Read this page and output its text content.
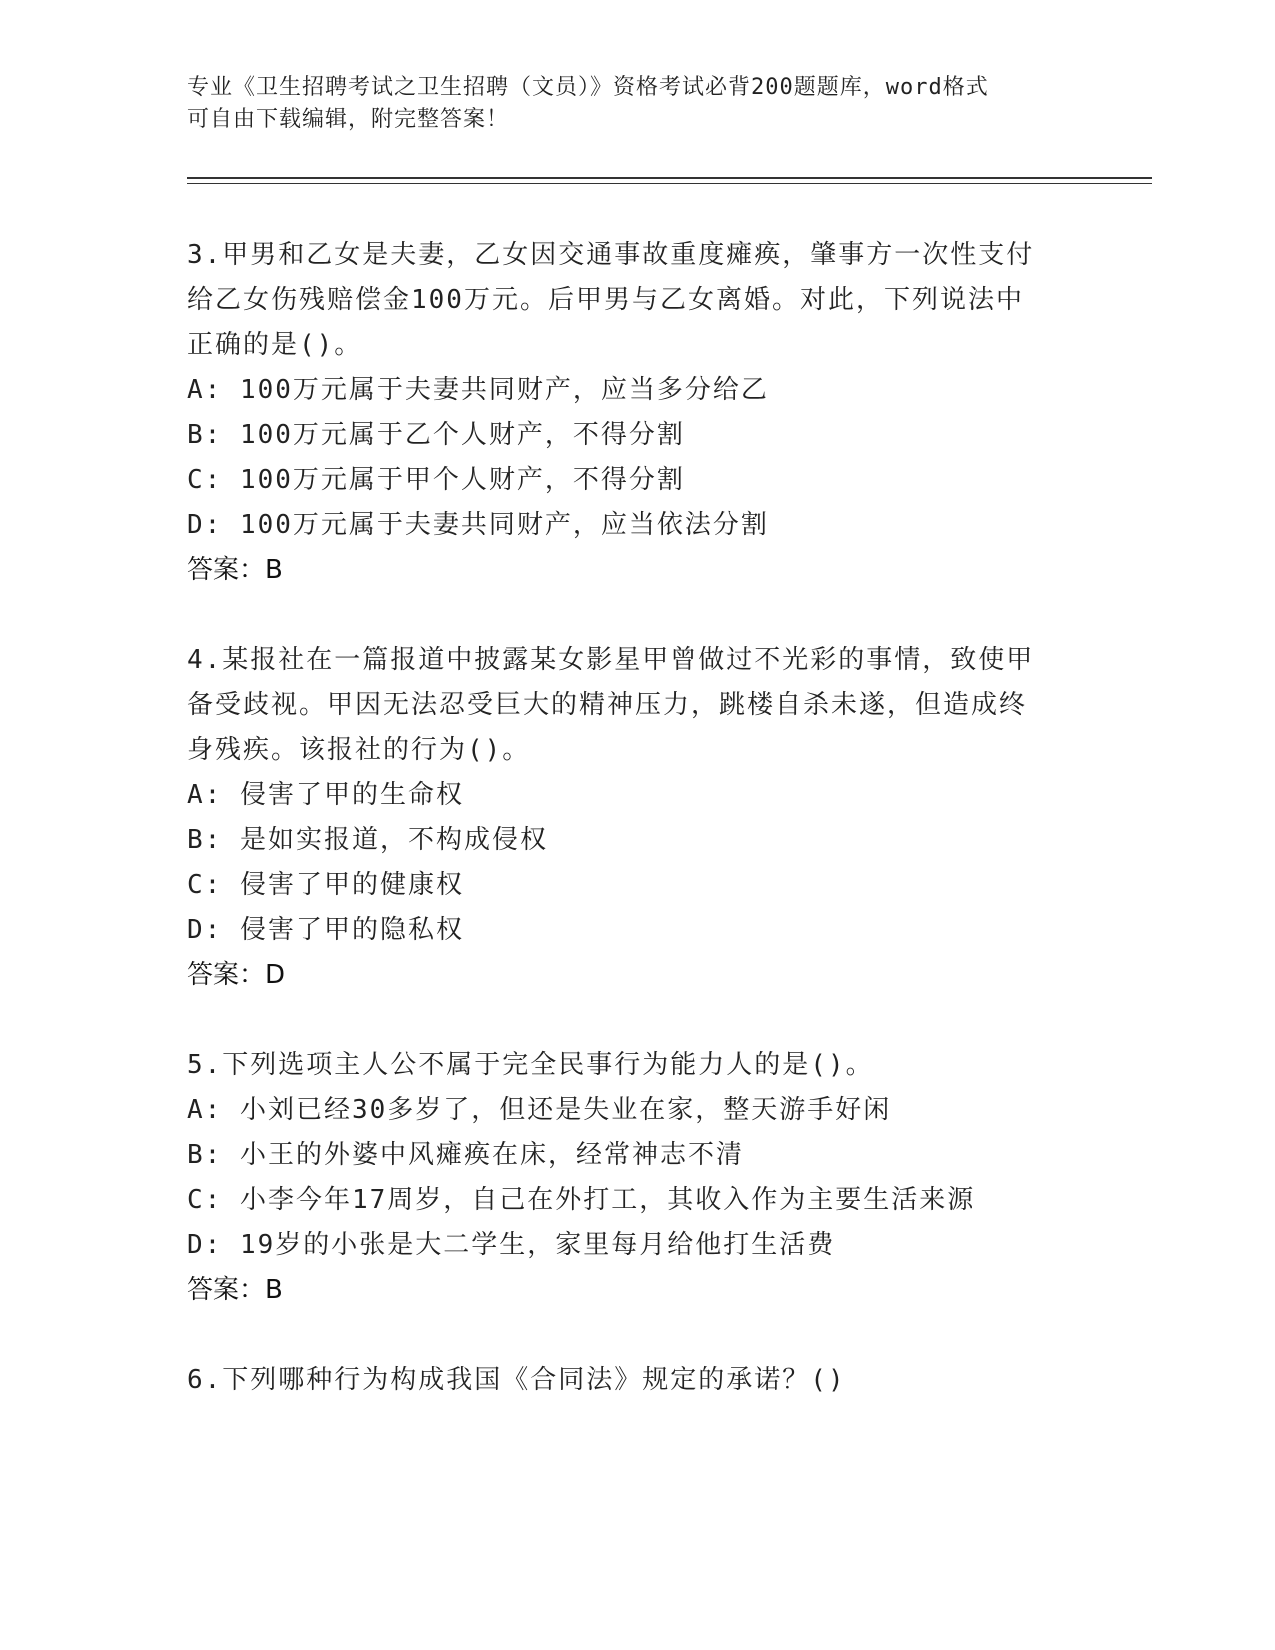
专业《卫生招聘考试之卫生招聘（文员）》资格考试必背200题题库，word格式
可自由下载编辑，附完整答案！
3.甲男和乙女是夫妻，乙女因交通事故重度瘫痪，肇事方一次性支付
给乙女伤残赔偿金100万元。后甲男与乙女离婚。对此，下列说法中
正确的是()。
A: 100万元属于夫妻共同财产，应当多分给乙
B: 100万元属于乙个人财产，不得分割
C: 100万元属于甲个人财产，不得分割
D: 100万元属于夫妻共同财产，应当依法分割
答案：B
4.某报社在一篇报道中披露某女影星甲曾做过不光彩的事情，致使甲
备受歧视。甲因无法忍受巨大的精神压力，跳楼自杀未遂，但造成终
身残疾。该报社的行为()。
A: 侵害了甲的生命权
B: 是如实报道，不构成侵权
C: 侵害了甲的健康权
D: 侵害了甲的隐私权
答案：D
5.下列选项主人公不属于完全民事行为能力人的是()。
A: 小刘已经30多岁了，但还是失业在家，整天游手好闲
B: 小王的外婆中风瘫痪在床，经常神志不清
C: 小李今年17周岁，自己在外打工，其收入作为主要生活来源
D: 19岁的小张是大二学生，家里每月给他打生活费
答案：B
6.下列哪种行为构成我国《合同法》规定的承诺？()
